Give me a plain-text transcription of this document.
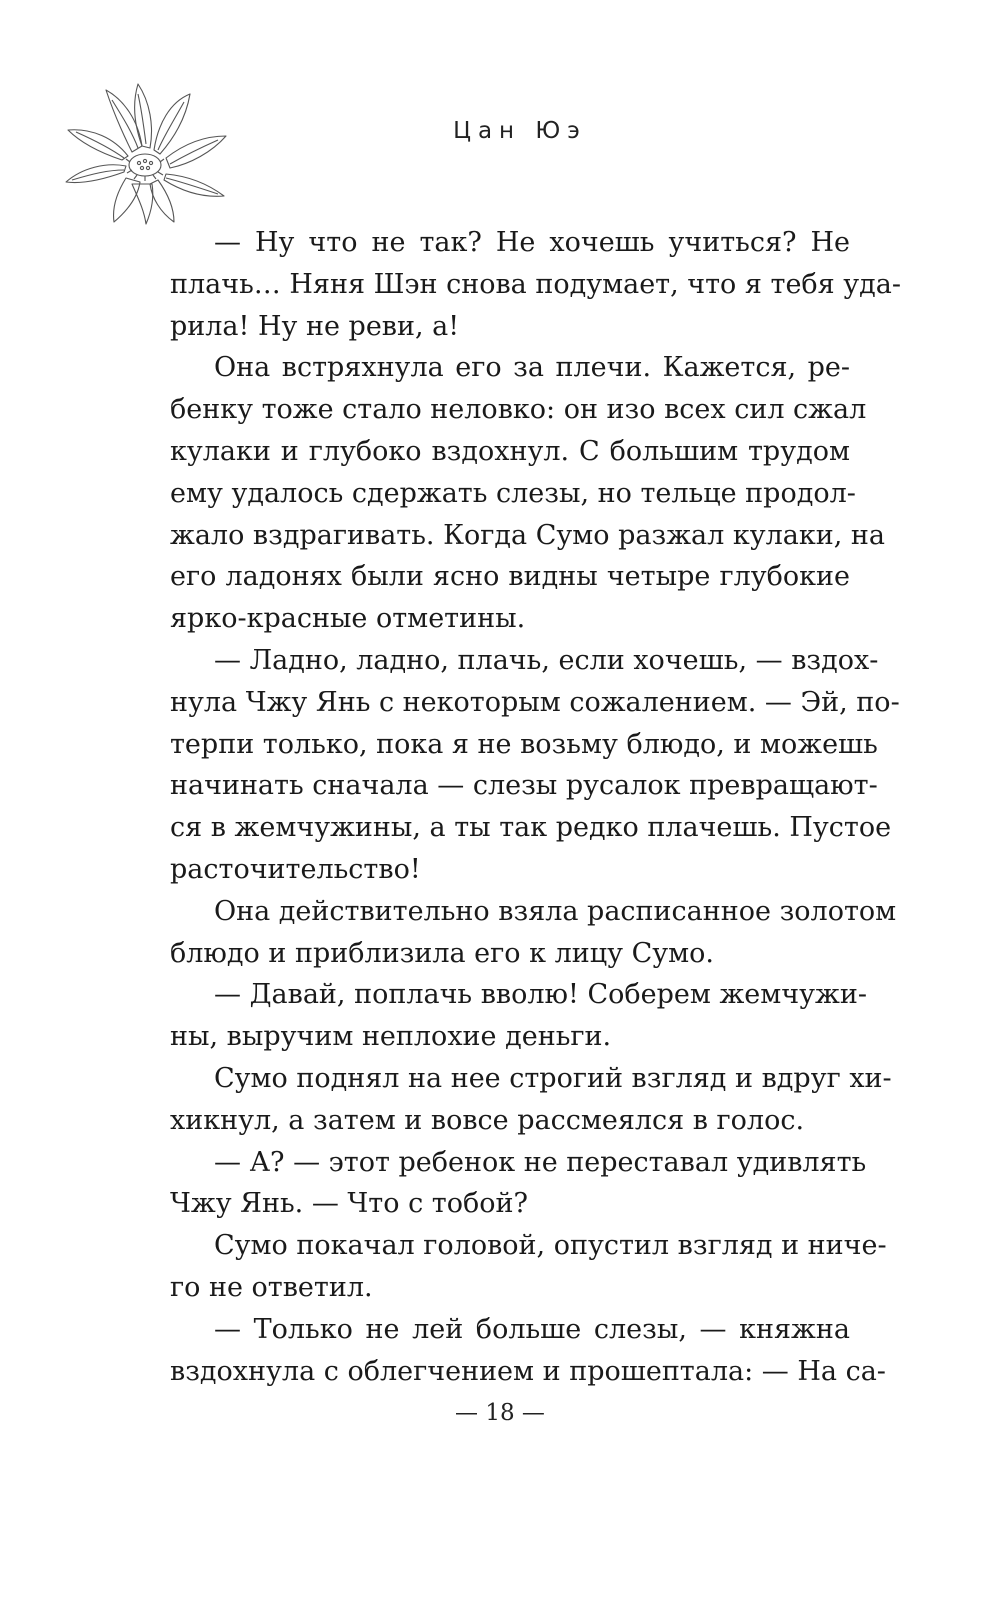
Цан Юэ
— Ну что не так? Не хочешь учиться? Не
плачь… Няня Шэн снова подумает, что я тебя уда-
рила! Ну не реви, а!
Она встряхнула его за плечи. Кажется, ре-
бенку тоже стало неловко: он изо всех сил сжал
кулаки и глубоко вздохнул. С большим трудом
ему удалось сдержать слезы, но тельце продол-
жало вздрагивать. Когда Сумо разжал кулаки, на
его ладонях были ясно видны четыре глубокие
ярко-красные отметины.
— Ладно, ладно, плачь, если хочешь, — вздох-
нула Чжу Янь с некоторым сожалением. — Эй, по-
терпи только, пока я не возьму блюдо, и можешь
начинать сначала — слезы русалок превращают-
ся в жемчужины, а ты так редко плачешь. Пустое
расточительство!
Она действительно взяла расписанное золотом
блюдо и приблизила его к лицу Сумо.
— Давай, поплачь вволю! Соберем жемчужи-
ны, выручим неплохие деньги.
Сумо поднял на нее строгий взгляд и вдруг хи-
хикнул, а затем и вовсе рассмеялся в голос.
— А? — этот ребенок не переставал удивлять
Чжу Янь. — Что с тобой?
Сумо покачал головой, опустил взгляд и ниче-
го не ответил.
— Только не лей больше слезы, — княжна
вздохнула с облегчением и прошептала: — На са-
— 18 —
